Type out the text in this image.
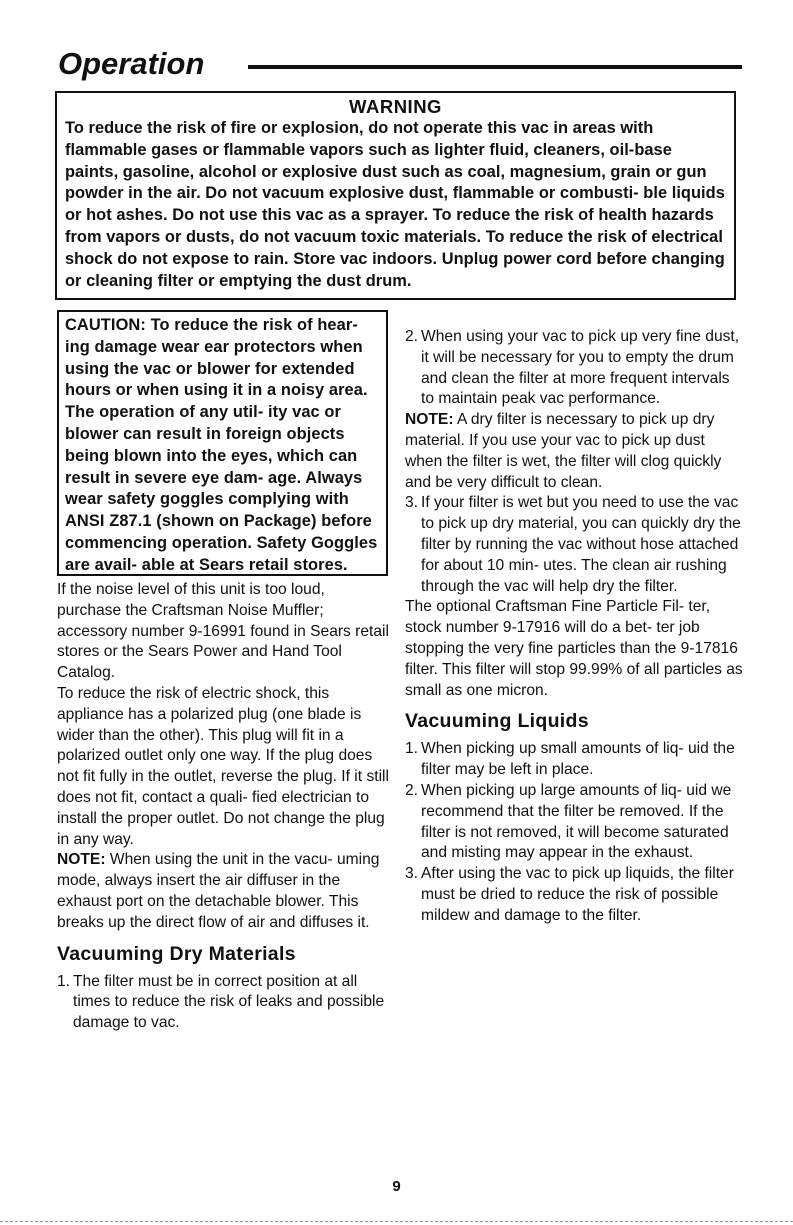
Operation

WARNING

To reduce the risk of fire or explosion, do not operate this vac in areas with flammable gases or flammable vapors such as lighter fluid, cleaners, oil-base paints, gasoline, alcohol or explosive dust such as coal, magnesium, grain or gun powder in the air. Do not vacuum explosive dust, flammable or combusti- ble liquids or hot ashes. Do not use this vac as a sprayer. To reduce the risk of health hazards from vapors or dusts, do not vacuum toxic materials. To reduce the risk of electrical shock do not expose to rain. Store vac indoors. Unplug power cord before changing or cleaning filter or emptying the dust drum.

CAUTION: To reduce the risk of hear- ing damage wear ear protectors when using the vac or blower for extended hours or when using it in a noisy area. The operation of any util- ity vac or blower can result in foreign objects being blown into the eyes, which can result in severe eye dam- age. Always wear safety goggles complying with ANSI Z87.1 (shown on Package) before commencing operation. Safety Goggles are avail- able at Sears retail stores.

If the noise level of this unit is too loud, purchase the Craftsman Noise Muffler; accessory number 9-16991 found in Sears retail stores or the Sears Power and Hand Tool Catalog.

To reduce the risk of electric shock, this appliance has a polarized plug (one blade is wider than the other). This plug will fit in a polarized outlet only one way. If the plug does not fit fully in the outlet, reverse the plug. If it still does not fit, contact a quali- fied electrician to install the proper outlet. Do not change the plug in any way.

NOTE: When using the unit in the vacu- uming mode, always insert the air diffuser in the exhaust port on the detachable blower. This breaks up the direct flow of air and diffuses it.

Vacuuming Dry Materials
1. The filter must be in correct position at all times to reduce the risk of leaks and possible damage to vac.
2. When using your vac to pick up very fine dust, it will be necessary for you to empty the drum and clean the filter at more frequent intervals to maintain peak vac performance.

NOTE: A dry filter is necessary to pick up dry material. If you use your vac to pick up dust when the filter is wet, the filter will clog quickly and be very difficult to clean.

3. If your filter is wet but you need to use the vac to pick up dry material, you can quickly dry the filter by running the vac without hose attached for about 10 min- utes. The clean air rushing through the vac will help dry the filter.

The optional Craftsman Fine Particle Fil- ter, stock number 9-17916 will do a bet- ter job stopping the very fine particles than the 9-17816 filter. This filter will stop 99.99% of all particles as small as one micron.

Vacuuming Liquids
1. When picking up small amounts of liq- uid the filter may be left in place.
2. When picking up large amounts of liq- uid we recommend that the filter be removed. If the filter is not removed, it will become saturated and misting may appear in the exhaust.
3. After using the vac to pick up liquids, the filter must be dried to reduce the risk of possible mildew and damage to the filter.
9
